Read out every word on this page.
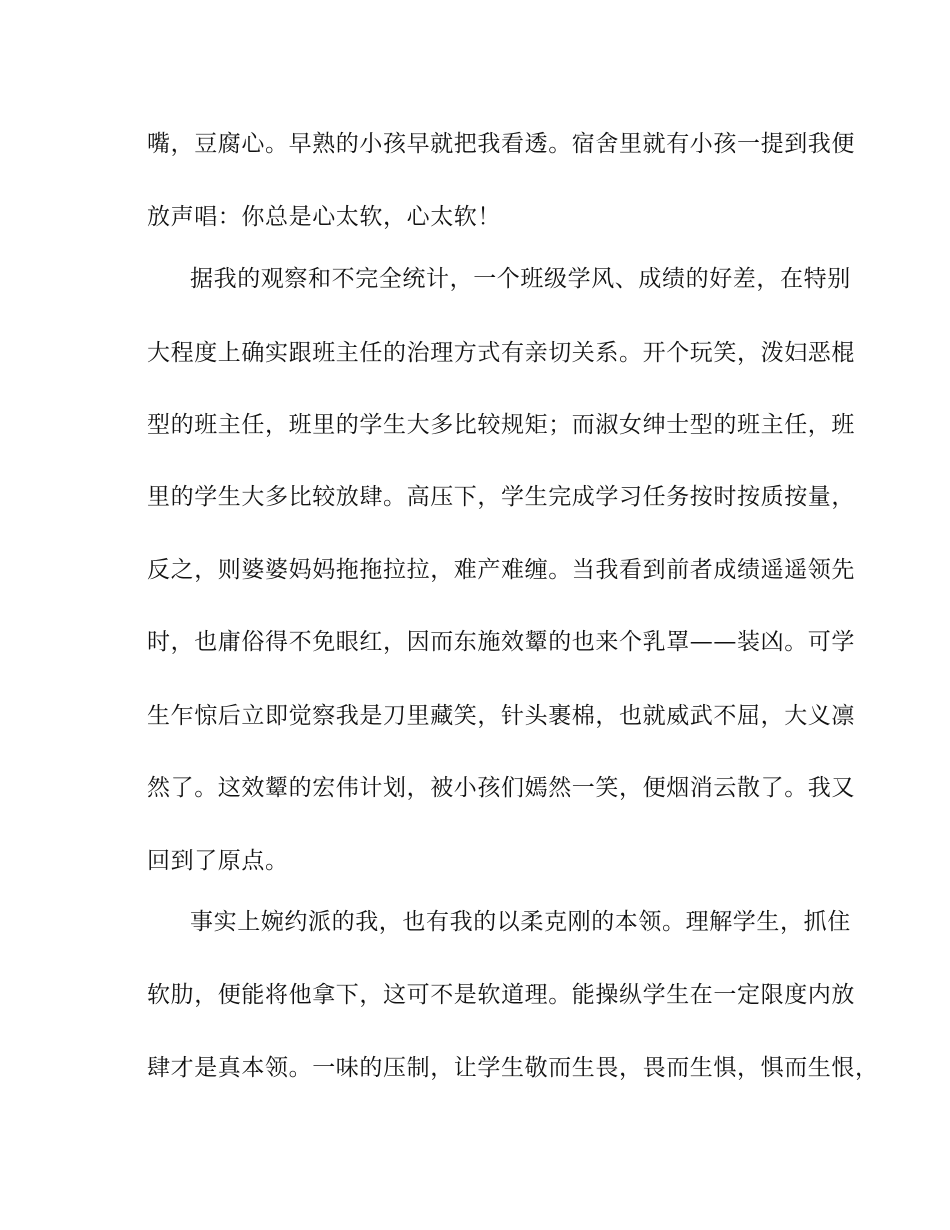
嘴，豆腐心。早熟的小孩早就把我看透。宿舍里就有小孩一提到我便
放声唱：你总是心太软，心太软！
据我的观察和不完全统计，一个班级学风、成绩的好差，在特别
大程度上确实跟班主任的治理方式有亲切关系。开个玩笑，泼妇恶棍
型的班主任，班里的学生大多比较规矩；而淑女绅士型的班主任，班
里的学生大多比较放肆。高压下，学生完成学习任务按时按质按量，
反之，则婆婆妈妈拖拖拉拉，难产难缠。当我看到前者成绩遥遥领先
时，也庸俗得不免眼红，因而东施效颦的也来个乳罩——装凶。可学
生乍惊后立即觉察我是刀里藏笑，针头裹棉，也就威武不屈，大义凛
然了。这效颦的宏伟计划，被小孩们嫣然一笑，便烟消云散了。我又
回到了原点。
事实上婉约派的我，也有我的以柔克刚的本领。理解学生，抓住
软肋，便能将他拿下，这可不是软道理。能操纵学生在一定限度内放
肆才是真本领。一味的压制，让学生敬而生畏，畏而生惧，惧而生恨，
